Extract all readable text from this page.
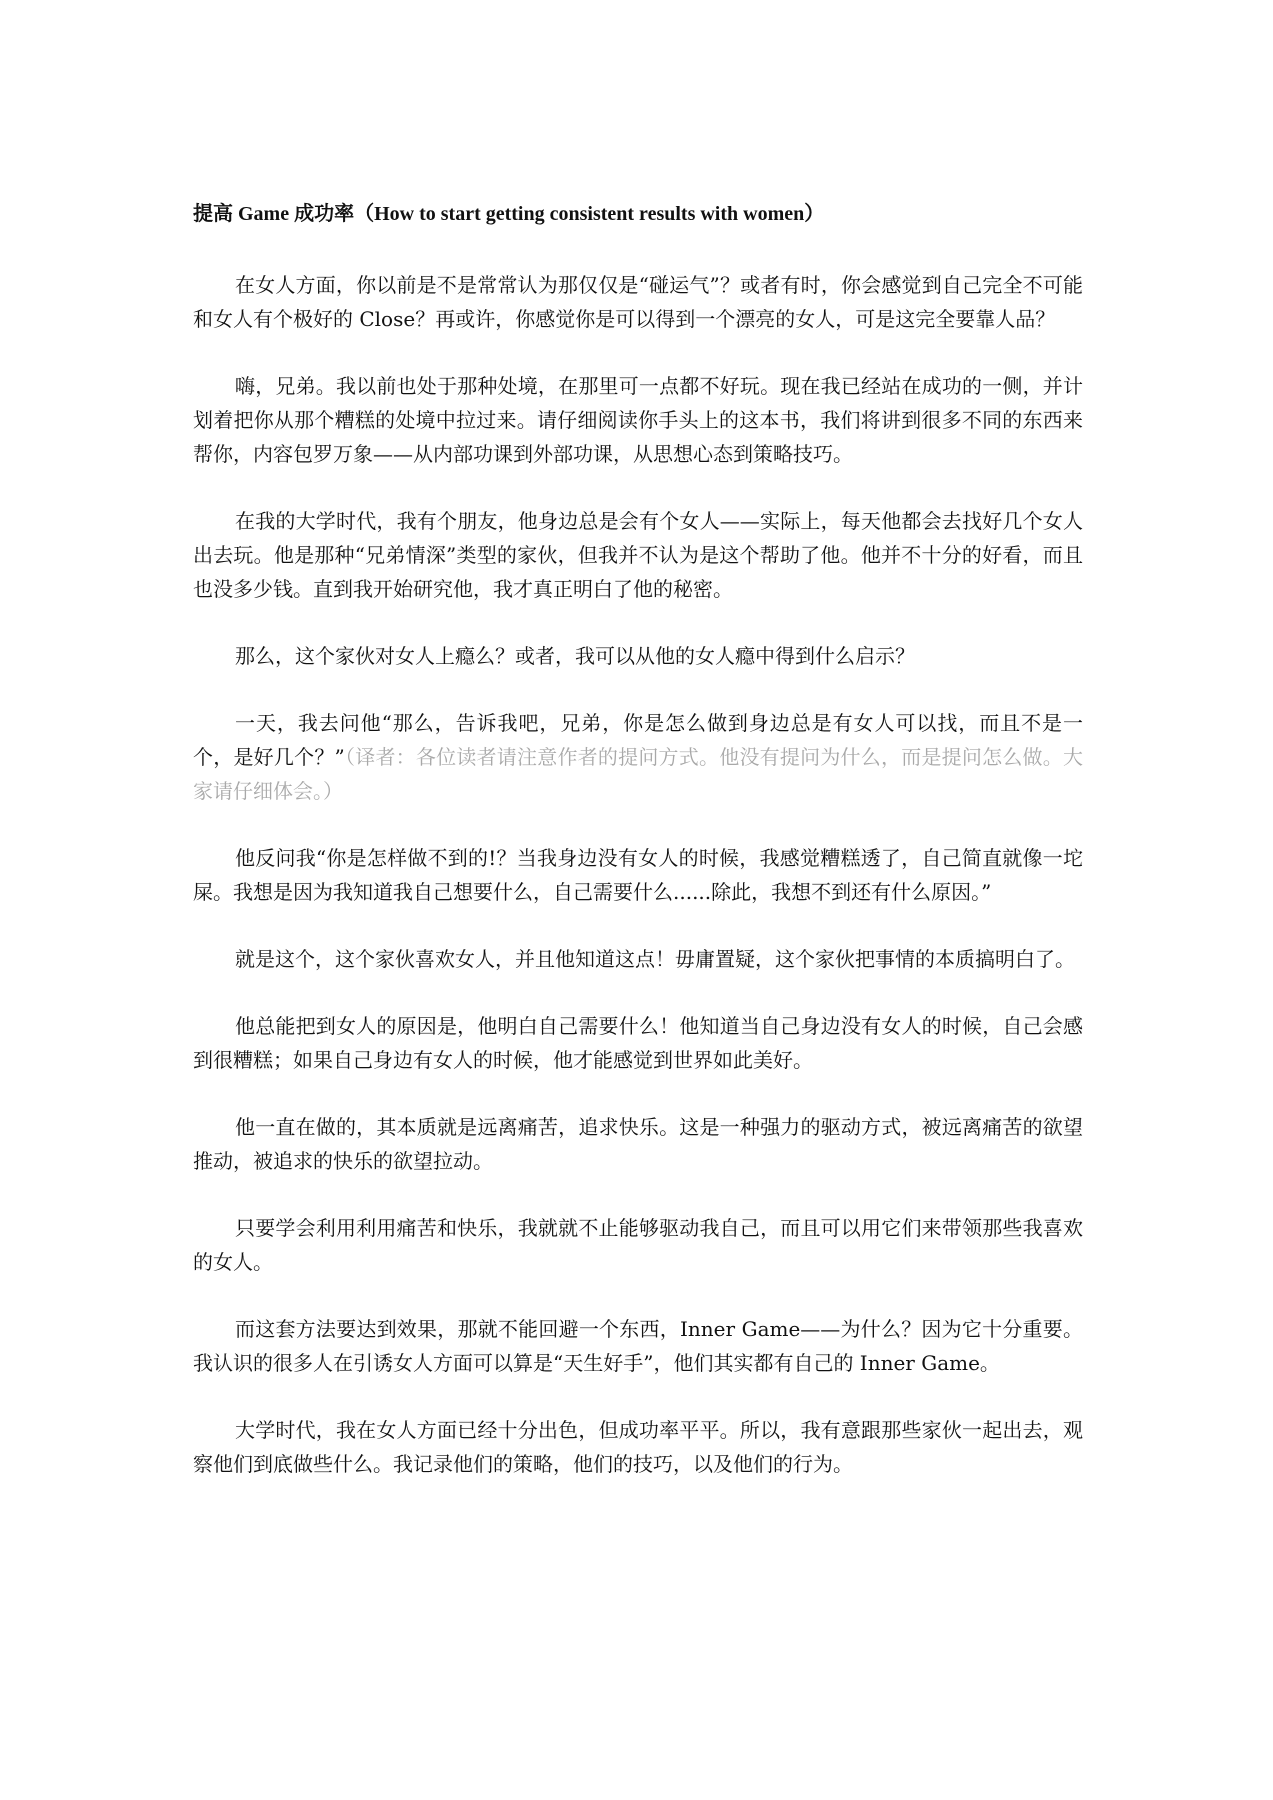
提高 Game 成功率（How to start getting consistent results with women）

在女人方面，你以前是不是常常认为那仅仅是“碰运气”？或者有时，你会感觉到自己完全不可能和女人有个极好的 Close？再或许，你感觉你是可以得到一个漂亮的女人，可是这完全要靠人品？

嗨，兄弟。我以前也处于那种处境，在那里可一点都不好玩。现在我已经站在成功的一侧，并计划着把你从那个糟糕的处境中拉过来。请仔细阅读你手头上的这本书，我们将讲到很多不同的东西来帮你，内容包罗万象——从内部功课到外部功课，从思想心态到策略技巧。

在我的大学时代，我有个朋友，他身边总是会有个女人——实际上，每天他都会去找好几个女人出去玩。他是那种“兄弟情深”类型的家伙，但我并不认为是这个帮助了他。他并不十分的好看，而且也没多少钱。直到我开始研究他，我才真正明白了他的秘密。

那么，这个家伙对女人上瘾么？或者，我可以从他的女人瘾中得到什么启示？

一天，我去问他“那么，告诉我吧，兄弟，你是怎么做到身边总是有女人可以找，而且不是一个，是好几个？”（译者：各位读者请注意作者的提问方式。他没有提问为什么，而是提问怎么做。大家请仔细体会。）

他反问我“你是怎样做不到的!？当我身边没有女人的时候，我感觉糟糕透了，自己简直就像一坨屎。我想是因为我知道我自己想要什么，自己需要什么......除此，我想不到还有什么原因。”

就是这个，这个家伙喜欢女人，并且他知道这点！毋庸置疑，这个家伙把事情的本质搞明白了。

他总能把到女人的原因是，他明白自己需要什么！他知道当自己身边没有女人的时候，自己会感到很糟糕；如果自己身边有女人的时候，他才能感觉到世界如此美好。

他一直在做的，其本质就是远离痛苦，追求快乐。这是一种强力的驱动方式，被远离痛苦的欲望推动，被追求的快乐的欲望拉动。

只要学会利用利用痛苦和快乐，我就就不止能够驱动我自己，而且可以用它们来带领那些我喜欢的女人。

而这套方法要达到效果，那就不能回避一个东西，Inner Game——为什么？因为它十分重要。我认识的很多人在引诱女人方面可以算是“天生好手”，他们其实都有自己的 Inner Game。

大学时代，我在女人方面已经十分出色，但成功率平平。所以，我有意跟那些家伙一起出去，观察他们到底做些什么。我记录他们的策略，他们的技巧，以及他们的行为。
